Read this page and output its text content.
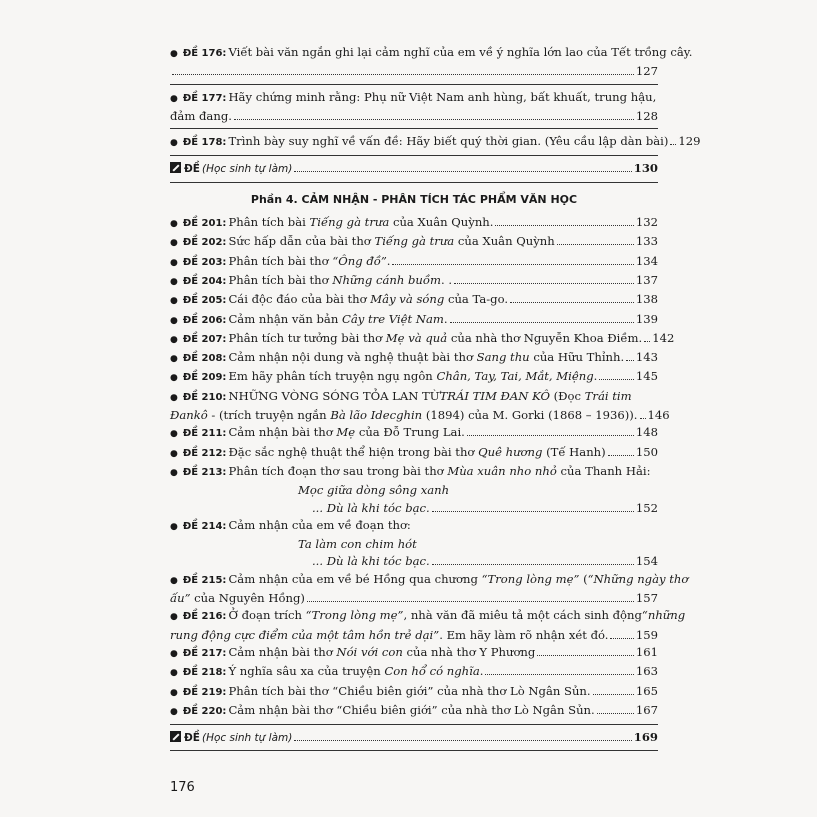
● ĐỀ 176: Viết bài văn ngắn ghi lại cảm nghĩ của em về ý nghĩa lớn lao của Tết trồng cây.
127
● ĐỀ 177: Hãy chứng minh rằng: Phụ nữ Việt Nam anh hùng, bất khuất, trung hậu,
đảm đang.	128
● ĐỀ 178: Trình bày suy nghĩ về vấn đề: Hãy biết quý thời gian. (Yêu cầu lập dàn bài) 129
ĐỀ (Học sinh tự làm)	130
Phần 4. CẢM NHẬN - PHÂN TÍCH TÁC PHẨM VĂN HỌC
● ĐỀ 201: Phân tích bài Tiếng gà trưa của Xuân Quỳnh.	132
● ĐỀ 202: Sức hấp dẫn của bài thơ Tiếng gà trưa của Xuân Quỳnh	133
● ĐỀ 203: Phân tích bài thơ “Ông đồ” .	134
● ĐỀ 204: Phân tích bài thơ Những cánh buồm . .	137
● ĐỀ 205: Cái độc đáo của bài thơ Mây và sóng của Ta-go.	138
● ĐỀ 206: Cảm nhận văn bản Cây tre Việt Nam .	139
● ĐỀ 207: Phân tích tư tưởng bài thơ Mẹ và quả của nhà thơ Nguyễn Khoa Điềm. 142
● ĐỀ 208: Cảm nhận nội dung và nghệ thuật bài thơ Sang thu của Hữu Thỉnh. 143
● ĐỀ 209: Em hãy phân tích truyện ngụ ngôn Chân, Tay, Tai, Mắt, Miệng .	145
● ĐỀ 210: NHỮNG VÒNG SÓNG TỎA LAN TỪ TRÁI TIM ĐAN KÔ (Đọc Trái tim
Đankô - (trích truyện ngắn Bà lão Idecghin (1894) của M. Gorki (1868 – 1936)). 146
● ĐỀ 211: Cảm nhận bài thơ Mẹ của Đỗ Trung Lai.	148
● ĐỀ 212: Đặc sắc nghệ thuật thể hiện trong bài thơ Quê hương (Tế Hanh)	150
● ĐỀ 213: Phân tích đoạn thơ sau trong bài thơ Mùa xuân nho nhỏ của Thanh Hải:
Mọc giữa dòng sông xanh
... Dù là khi tóc bạc.	152
● ĐỀ 214: Cảm nhận của em về đoạn thơ:
Ta làm con chim hót
... Dù là khi tóc bạc.	154
● ĐỀ 215: Cảm nhận của em về bé Hồng qua chương “Trong lòng mẹ” ( “Những ngày thơ
ấu” của Nguyên Hồng)	157
● ĐỀ 216: Ở đoạn trích “Trong lòng mẹ” , nhà văn đã miêu tả một cách sinh động “những
rung động cực điểm của một tâm hồn trẻ dại” . Em hãy làm rõ nhận xét đó. 159
● ĐỀ 217: Cảm nhận bài thơ Nói với con của nhà thơ Y Phương	161
● ĐỀ 218: Ý nghĩa sâu xa của truyện Con hổ có nghĩa .	163
● ĐỀ 219: Phân tích bài thơ “Chiều biên giới” của nhà thơ Lò Ngân Sủn.	165
● ĐỀ 220: Cảm nhận bài thơ “Chiều biên giới” của nhà thơ Lò Ngân Sủn.	167
ĐỀ (Học sinh tự làm)	169
176
